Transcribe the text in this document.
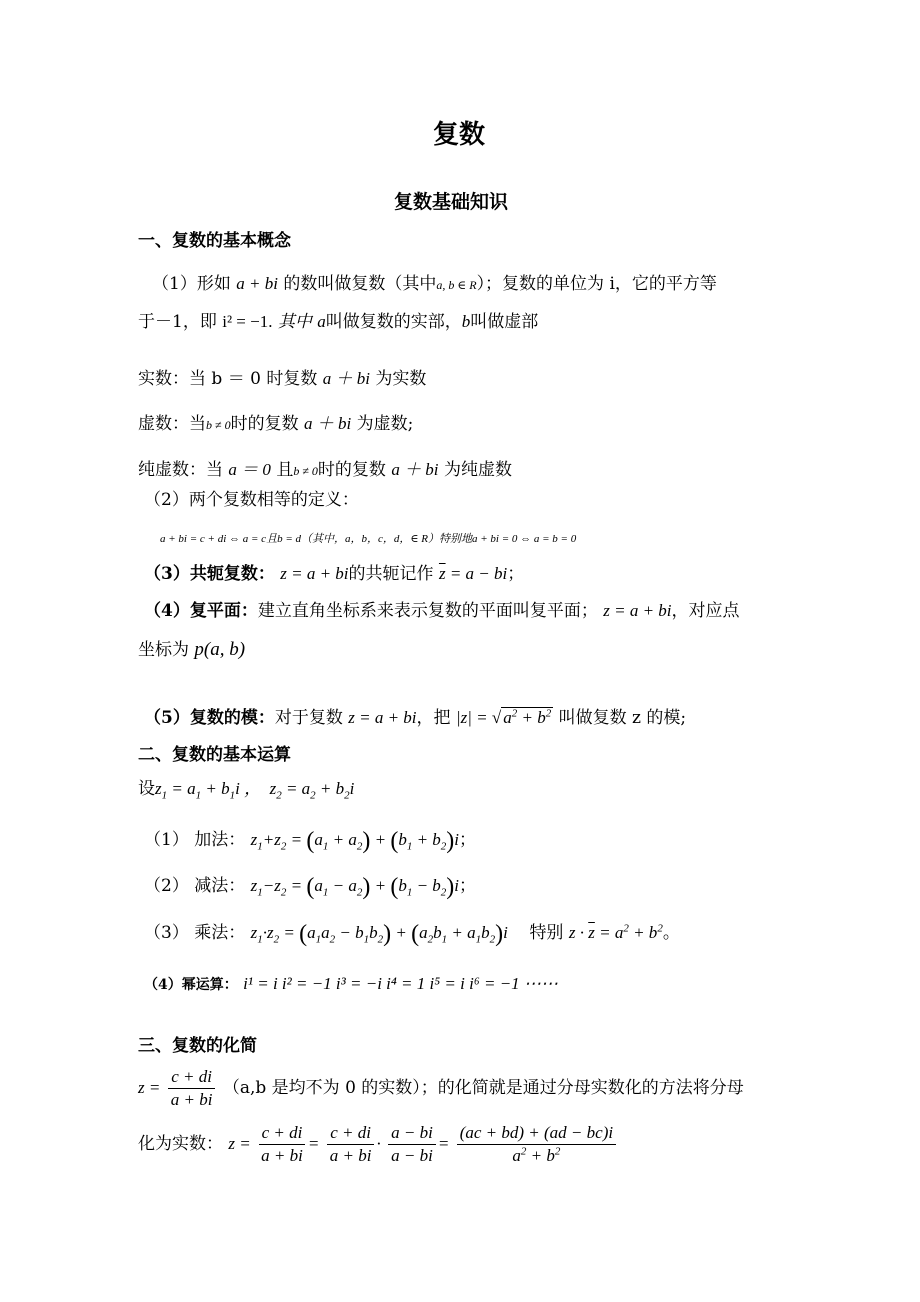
复数
复数基础知识
一、复数的基本概念
（1）形如 a + bi 的数叫做复数（其中a, b ∈ R）；复数的单位为 i，它的平方等
于－1，即 i² = −1. 其中 a叫做复数的实部，b叫做虚部
实数：当 b ＝ 0 时复数 a ＋ bi 为实数
虚数：当b ≠ 0时的复数 a ＋ bi 为虚数;
纯虚数：当 a ＝ 0 且b ≠ 0时的复数 a ＋ bi 为纯虚数
（2）两个复数相等的定义：
a + bi = c + di ⇔ a = c且b = d（其中，a，b，c，d，∈ R）特别地a + bi = 0 ⇔ a = b = 0
（3）共轭复数： z = a + bi的共轭记作 $\overline{z} = a$ − bi；
（4）复平面：建立直角坐标系来表示复数的平面叫复平面； z = a + bi，对应点
坐标为 p(a, b)
（5）复数的模：对于复数 z = a + bi，把 |z| = √ $a^2 + b^2$ 叫做复数 z 的模;
二、复数的基本运算
设$z_1 = a_1 + b_1i$ ，  $z_2 = a_2 + b_2i$
（1） 加法： $z_1+z_2 = (a_1 + a_2) + (b_1 + b_2)i$；
（2） 减法： $z_1-z_2 = (a_1 - a_2) + (b_1 - b_2)i$；
（3） 乘法： $z_1\cdot z_2 = (a_1a_2 - b_1b_2) + (a_2b_1 + a_1b_2)i$ 特别 $z \cdot \overline{z} = a^2 + b^2$。
（4）幂运算： i¹ = i i² = −1 i³ = −i i⁴ = 1 i⁵ = i i⁶ = −1 ⋯⋯
三、复数的化简
$z = \frac{c + di}{a + bi} (a,b$ 是均不为 0 的实数）；的化简就是通过分母实数化的方法将分母
化为实数： $z = \frac{c + di}{a + bi} = \frac{c + di}{a + bi} \cdot \frac{a - bi}{a - bi} = \frac{(ac + bd) + (ad - bc)i}{a^2 + b^2}$
